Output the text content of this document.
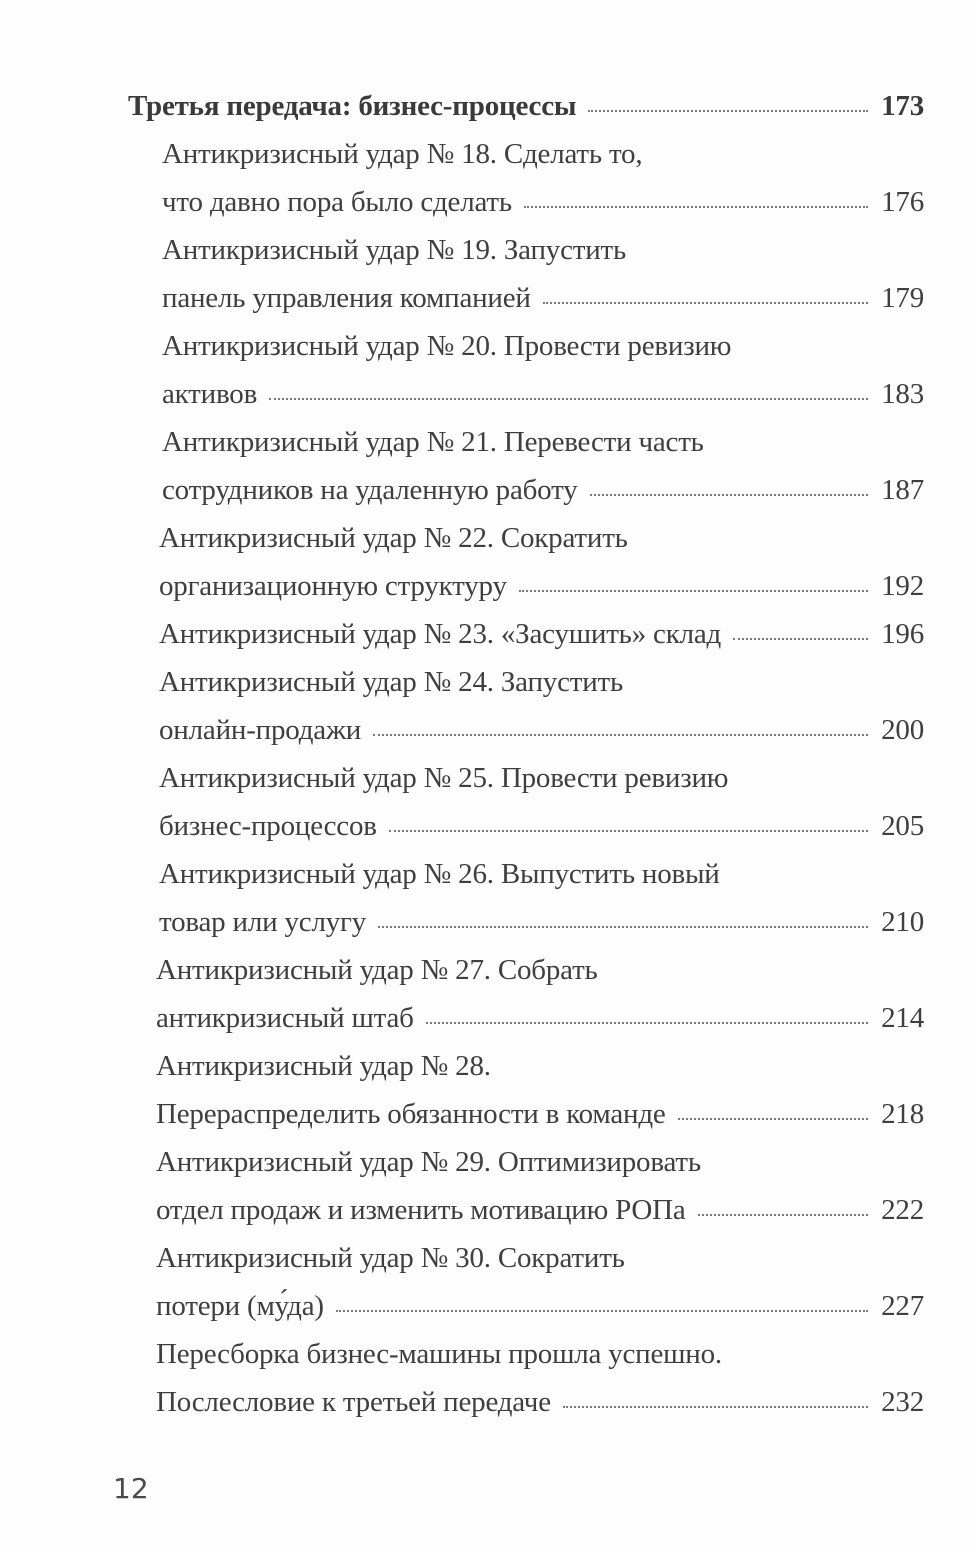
Третья передача: бизнес-процессы	173
Антикризисный удар № 18. Сделать то,
что давно пора было сделать	176
Антикризисный удар № 19. Запустить
панель управления компанией	179
Антикризисный удар № 20. Провести ревизию
активов	183
Антикризисный удар № 21. Перевести часть
сотрудников на удаленную работу	187
Антикризисный удар № 22. Сократить
организационную структуру	192
Антикризисный удар № 23. «Засушить» склад	196
Антикризисный удар № 24. Запустить
онлайн-продажи	200
Антикризисный удар № 25. Провести ревизию
бизнес-процессов	205
Антикризисный удар № 26. Выпустить новый
товар или услугу	210
Антикризисный удар № 27. Собрать
антикризисный штаб	214
Антикризисный удар № 28.
Перераспределить обязанности в команде	218
Антикризисный удар № 29. Оптимизировать
отдел продаж и изменить мотивацию РОПа	222
Антикризисный удар № 30. Сократить
потери (му́да)	227
Пересборка бизнес-машины прошла успешно.
Послесловие к третьей передаче	232
12
